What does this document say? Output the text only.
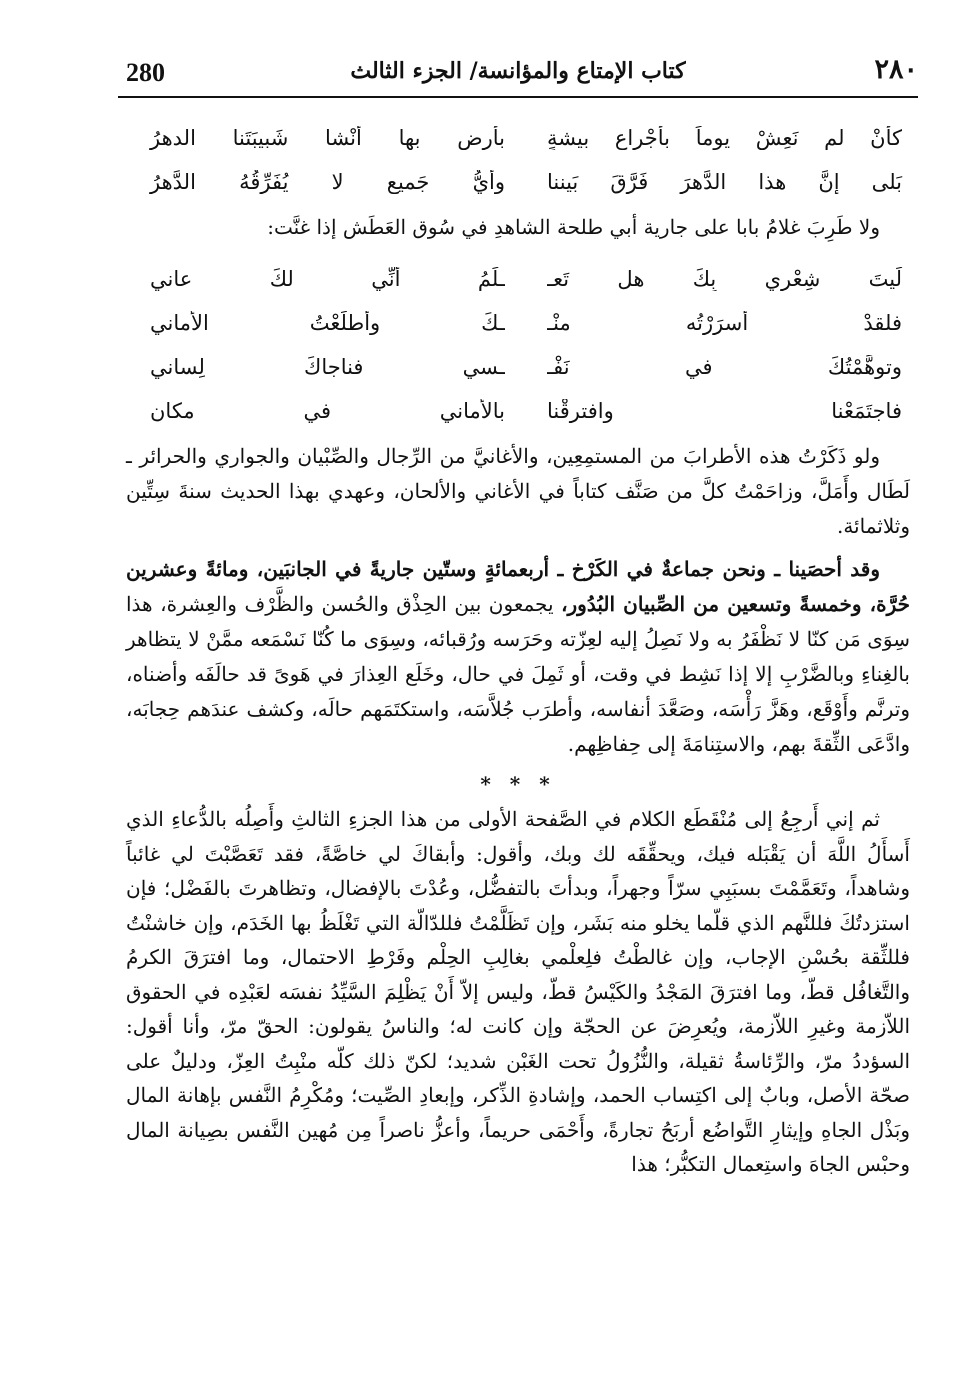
280	كتاب الإمتاع والمؤانسة/ الجزء الثالث	٢٨٠
كأنْ لم نَعِشْ يوماً بأجْراعِ بيشةٍ
بأرضٍ بها أنْشا شَبيبَتَنا الدهرُ
بَلى إنَّ هذا الدَّهرَ فَرَّقَ بَيننا
وأيُّ جَميعٍ لا يُفَرِّقُهُ الدَّهرُ

ولا طَرِبَ غلامُ بابا على جارية أبي طلحة الشاهدِ في سُوق العَطَش إذا غنَّت:

لَيتَ شِعْري بِكَ هل تَعـ
ـلَمُ أنِّي لكَ عاني
فلقدْ أسرَرْتُه منْـ
ـكَ وأطلَعْتُ الأماني
وتوهَّمْتُكَ في نَفْـ
ـسي فناجاكَ لِساني
فاجتَمَعْنا وافترقْنا
بالأماني في مكانِ

ولو ذَكَرْتُ هذه الأطرابَ من المستمِعِين، والأغانيَّ من الرِّجال والصِّبْيان والجواري والحرائر ـ لَطَال وأَمَلَّ، وزاحَمْتُ كلَّ من صَنَّف كتاباً في الأغاني والألحان، وعهدي بهذا الحديث سنةَ سِتِّين وثلاثمائة.

وقد أحصَينا ـ ونحن جماعةٌ في الكَرْخ ـ أربعمائةٍ وستّين جاريةً في الجانبَين، ومائةً وعشرين حُرَّة، وخمسةً وتسعين من الصِّبيان البُدُور، يجمعون بين الحِذْق والحُسن والظَّرْف والعِشرة، هذا سِوَى مَن كنّا لا نَظْفَرُ به ولا نَصِلُ إليه لعِزّته وحَرَسه ورُقبائه، وسِوَى ما كُنّا نَسْمَعه ممَّنْ لا يتظاهر بالغِناءِ وبالضَّرْبِ إلا إذا نَشِط في وقت، أو ثَمِلَ في حال، وخَلَع العِذارَ في هَوىً قد حالَفَه وأضناه، وترنَّم وأَوْقَع، وهَزَّ رَأْسَه، وصَعَّدَ أنفاسه، وأطرَب جُلاَّسَه، واستكتَمَهم حالَه، وكشف عندَهم حِجابَه، وادَّعَى الثِّقةَ بهم، والاستِنامَةَ إلى حِفاظِهم.

* * *

ثم إني أَرجِعُ إلى مُنْقَطَع الكلام في الصَّفحة الأولى من هذا الجزءِ الثالثِ وأَصِلُه بالدُّعاءِ الذي أَسأَلُ اللَّهَ أن يَقْبَله فيك، ويحقِّقَه لك وبك، وأقول: وأبقاكَ لي خاصَّةً، فقد تَعَصَّبْتَ لي غائباً وشاهداً، وتَعَمَّمْتَ بسبَبِي سرّاً وجهراً، وبدأتَ بالتفضُّل، وعُدْتَ بالإفضال، وتظاهرتَ بالفَضْل؛ فإن استزدتُكَ فللنَّهم الذي قلّما يخلو منه بَشَر، وإن تَظَلَّمْتُ فللدّالّة التي تَغْلَظُ بها الخَدَم، وإن خاشنْتُ فللثِّقة بحُسْنِ الإجاب، وإن غالطْتُ فلِعلْمي بغالِبِ الحِلْم وفَرْطِ الاحتمال، وما افترَقَ الكرمُ والتَّغافُل قطّ، وما افترَقَ المَجْدُ والكَيْسُ قطّ، وليس إلاّ أَنْ يَظْلِمَ السَّيِّدُ نفسَه لعَبْدِه في الحقوق اللاّزمة وغيرِ اللاّزمة، ويُعرِضَ عن الحجّة وإن كانت له؛ والناسُ يقولون: الحقّ مرّ، وأنا أقول: السؤددُ مرّ، والرِّئاسةُ ثقيلة، والنُّزُولُ تحت الغَبْن شديد؛ لكنّ ذلك كلّه منْبِتُ العِزّ، ودليلٌ على صحّة الأصل، وبابٌ إلى اكتِساب الحمد، وإشادةِ الذِّكر، وإبعادِ الصِّيت؛ ومُكْرِمُ النَّفس بإهانة المال وبَذْل الجاهِ وإيثارِ التَّواضُع أربَحُ تجارةً، وأَحْمَى حريماً، وأعزُّ ناصراً مِن مُهين النَّفس بصِيانة المال وحبْس الجاهَ واستِعمال التكبُّر؛ هذا
